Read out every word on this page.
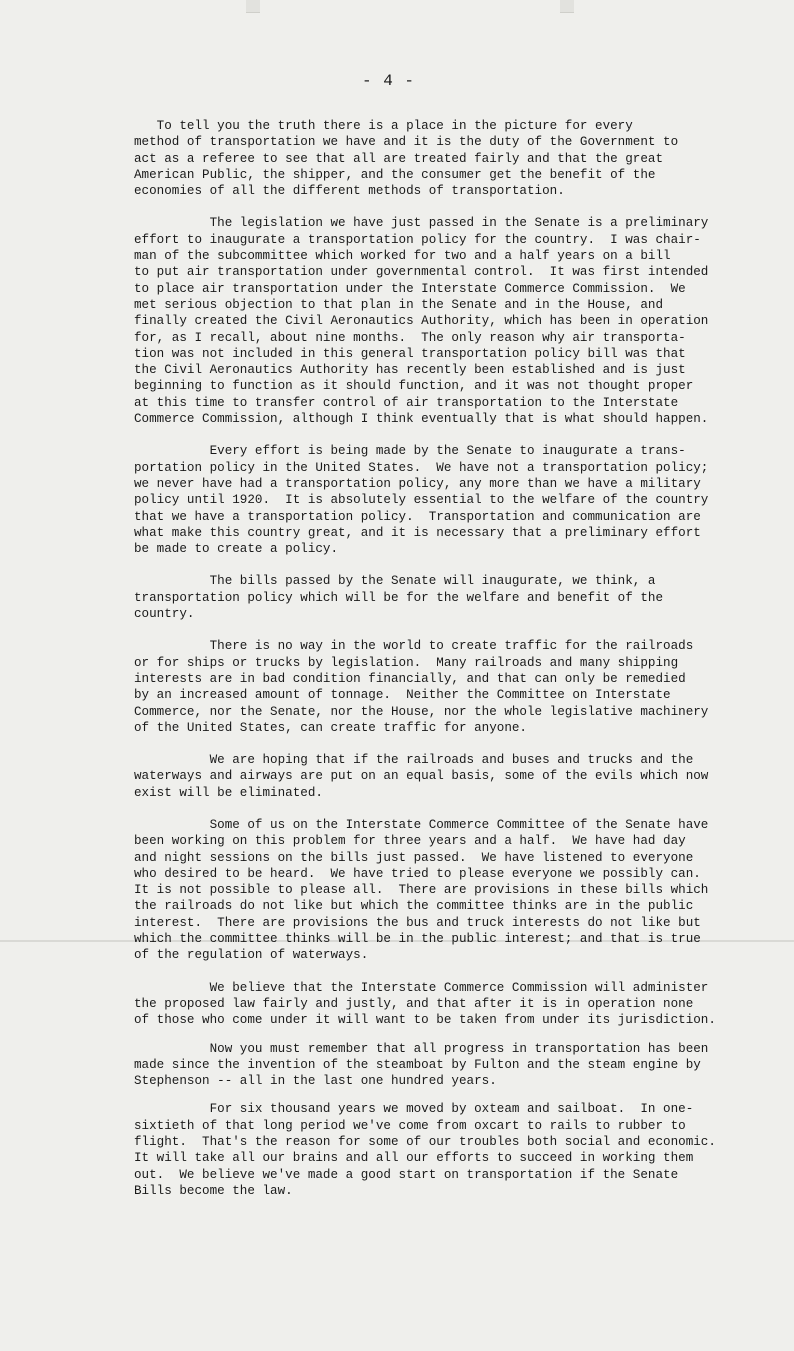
- 4 -
To tell you the truth there is a place in the picture for every
method of transportation we have and it is the duty of the Government to
act as a referee to see that all are treated fairly and that the great
American Public, the shipper, and the consumer get the benefit of the
economies of all the different methods of transportation.
The legislation we have just passed in the Senate is a preliminary
effort to inaugurate a transportation policy for the country.  I was chair-
man of the subcommittee which worked for two and a half years on a bill
to put air transportation under governmental control.  It was first intended
to place air transportation under the Interstate Commerce Commission.  We
met serious objection to that plan in the Senate and in the House, and
finally created the Civil Aeronautics Authority, which has been in operation
for, as I recall, about nine months.  The only reason why air transporta-
tion was not included in this general transportation policy bill was that
the Civil Aeronautics Authority has recently been established and is just
beginning to function as it should function, and it was not thought proper
at this time to transfer control of air transportation to the Interstate
Commerce Commission, although I think eventually that is what should happen.
Every effort is being made by the Senate to inaugurate a trans-
portation policy in the United States.  We have not a transportation policy;
we never have had a transportation policy, any more than we have a military
policy until 1920.  It is absolutely essential to the welfare of the country
that we have a transportation policy.  Transportation and communication are
what make this country great, and it is necessary that a preliminary effort
be made to create a policy.
The bills passed by the Senate will inaugurate, we think, a
transportation policy which will be for the welfare and benefit of the
country.
There is no way in the world to create traffic for the railroads
or for ships or trucks by legislation.  Many railroads and many shipping
interests are in bad condition financially, and that can only be remedied
by an increased amount of tonnage.  Neither the Committee on Interstate
Commerce, nor the Senate, nor the House, nor the whole legislative machinery
of the United States, can create traffic for anyone.
We are hoping that if the railroads and buses and trucks and the
waterways and airways are put on an equal basis, some of the evils which now
exist will be eliminated.
Some of us on the Interstate Commerce Committee of the Senate have
been working on this problem for three years and a half.  We have had day
and night sessions on the bills just passed.  We have listened to everyone
who desired to be heard.  We have tried to please everyone we possibly can.
It is not possible to please all.  There are provisions in these bills which
the railroads do not like but which the committee thinks are in the public
interest.  There are provisions the bus and truck interests do not like but
which the committee thinks will be in the public interest; and that is true
of the regulation of waterways.
We believe that the Interstate Commerce Commission will administer
the proposed law fairly and justly, and that after it is in operation none
of those who come under it will want to be taken from under its jurisdiction.
Now you must remember that all progress in transportation has been
made since the invention of the steamboat by Fulton and the steam engine by
Stephenson -- all in the last one hundred years.
For six thousand years we moved by oxteam and sailboat.  In one-
sixtieth of that long period we've come from oxcart to rails to rubber to
flight.  That's the reason for some of our troubles both social and economic.
It will take all our brains and all our efforts to succeed in working them
out.  We believe we've made a good start on transportation if the Senate
Bills become the law.
